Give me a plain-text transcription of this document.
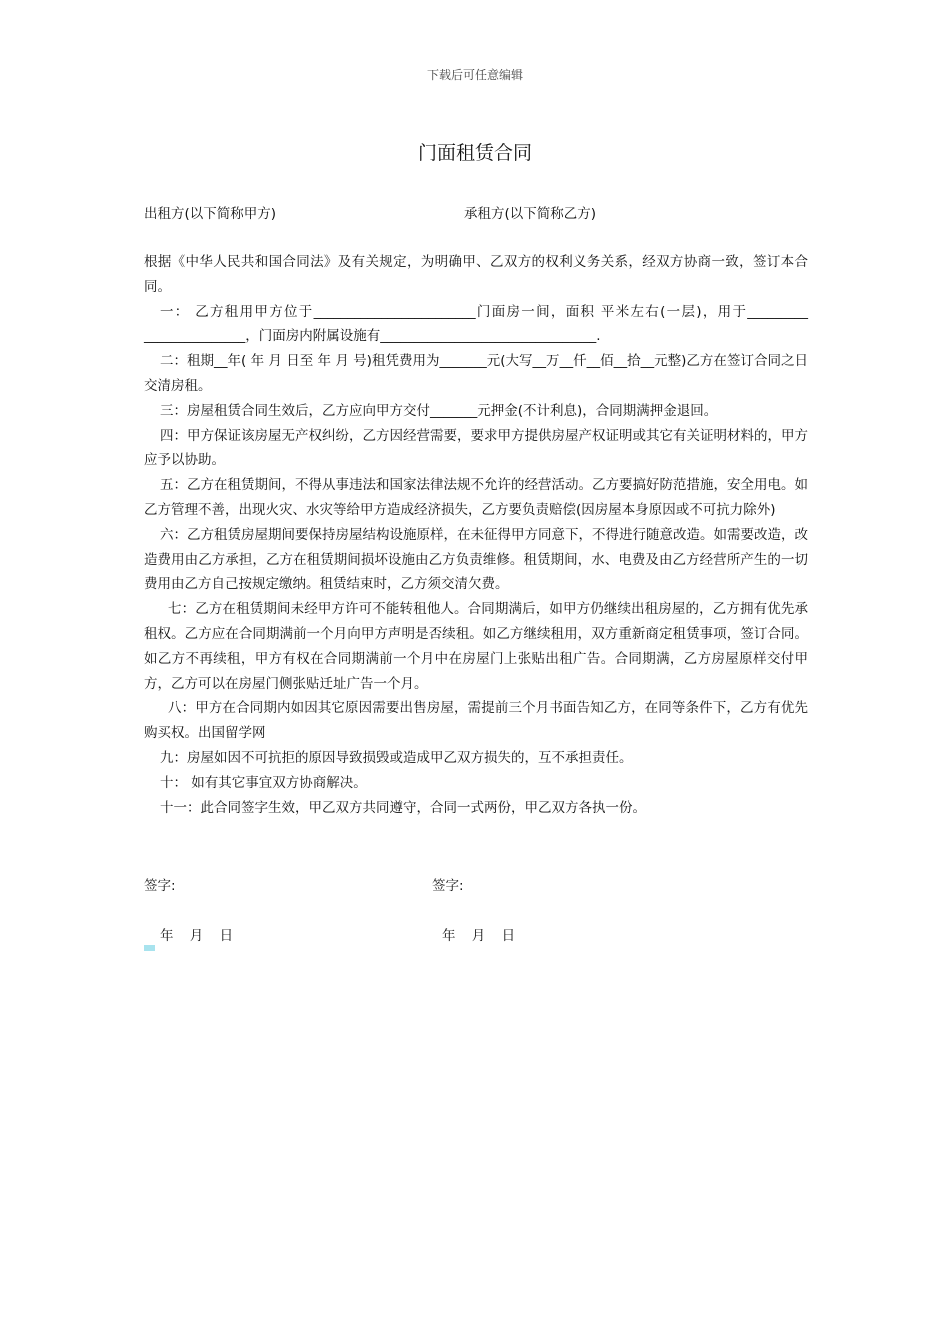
下载后可任意编辑
门面租赁合同
出租方(以下简称甲方)	承租方(以下简称乙方)

根据《中华人民共和国合同法》及有关规定，为明确甲、乙双方的权利义务关系，经双方协商一致，签订本合同。

一： 乙方租用甲方位于________________________门面房一间，面积 平米左右(一层)，用于_________ _______________，门面房内附属设施有________________________________.

二：租期__年( 年 月 日至 年 月 号)租凭费用为_______元(大写__万__仟__佰__拾__元整)乙方在签订合同之日交清房租。

三：房屋租赁合同生效后，乙方应向甲方交付_______元押金(不计利息)，合同期满押金退回。

四：甲方保证该房屋无产权纠纷，乙方因经营需要，要求甲方提供房屋产权证明或其它有关证明材料的，甲方应予以协助。

五：乙方在租赁期间，不得从事违法和国家法律法规不允许的经营活动。乙方要搞好防范措施，安全用电。如乙方管理不善，出现火灾、水灾等给甲方造成经济损失，乙方要负责赔偿(因房屋本身原因或不可抗力除外)

六：乙方租赁房屋期间要保持房屋结构设施原样，在未征得甲方同意下，不得进行随意改造。如需要改造，改造费用由乙方承担，乙方在租赁期间损坏设施由乙方负责维修。租赁期间，水、电费及由乙方经营所产生的一切费用由乙方自己按规定缴纳。租赁结束时，乙方须交清欠费。

七：乙方在租赁期间未经甲方许可不能转租他人。合同期满后，如甲方仍继续出租房屋的，乙方拥有优先承租权。乙方应在合同期满前一个月向甲方声明是否续租。如乙方继续租用，双方重新商定租赁事项，签订合同。如乙方不再续租，甲方有权在合同期满前一个月中在房屋门上张贴出租广告。合同期满，乙方房屋原样交付甲方，乙方可以在房屋门侧张贴迁址广告一个月。

八：甲方在合同期内如因其它原因需要出售房屋，需提前三个月书面告知乙方，在同等条件下，乙方有优先购买权。出国留学网

九：房屋如因不可抗拒的原因导致损毁或造成甲乙双方损失的，互不承担责任。

十： 如有其它事宜双方协商解决。

十一：此合同签字生效，甲乙双方共同遵守，合同一式两份，甲乙双方各执一份。

签字:	签字:
年 月 日	年 月 日
